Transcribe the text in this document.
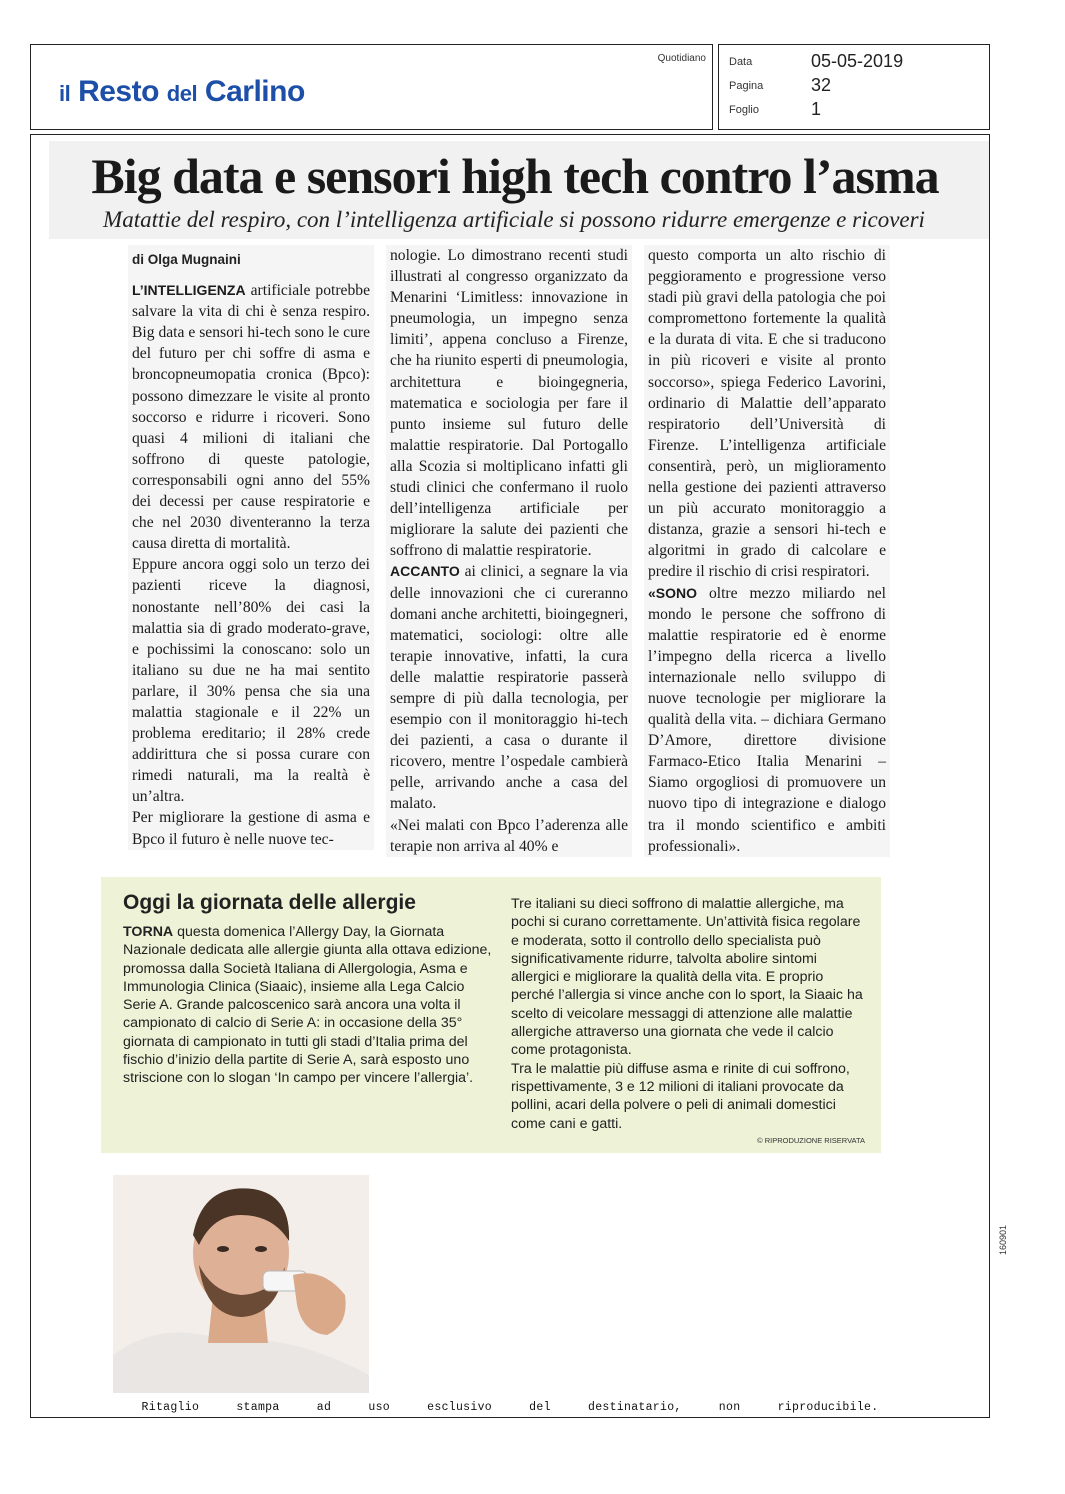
il Resto del Carlino
Quotidiano Data	05-05-2019
Pagina	32
Foglio	1
Big data e sensori high tech contro l’asma
Matattie del respiro, con l’intelligenza artificiale si possono ridurre emergenze e ricoveri
di Olga Mugnaini

L’INTELLIGENZA artificiale potrebbe salvare la vita di chi è senza respiro. Big data e sensori hi-tech sono le cure del futuro per chi soffre di asma e broncopneumopatia cronica (Bpco): possono dimezzare le visite al pronto soccorso e ridurre i ricoveri. Sono quasi 4 milioni di italiani che soffrono di queste patologie, corresponsabili ogni anno del 55% dei decessi per cause respiratorie e che nel 2030 diventeranno la terza causa diretta di mortalità.

Eppure ancora oggi solo un terzo dei pazienti riceve la diagnosi, nonostante nell’80% dei casi la malattia sia di grado moderato-grave, e pochissimi la conoscano: solo un italiano su due ne ha mai sentito parlare, il 30% pensa che sia una malattia stagionale e il 22% un problema ereditario; il 28% crede addirittura che si possa curare con rimedi naturali, ma la realtà è un’altra.

Per migliorare la gestione di asma e Bpco il futuro è nelle nuove tec-

nologie. Lo dimostrano recenti studi illustrati al congresso organizzato da Menarini ‘Limitless: innovazione in pneumologia, un impegno senza limiti’, appena concluso a Firenze, che ha riunito esperti di pneumologia, architettura e bioingegneria, matematica e sociologia per fare il punto insieme sul futuro delle malattie respiratorie. Dal Portogallo alla Scozia si moltiplicano infatti gli studi clinici che confermano il ruolo dell’intelligenza artificiale per migliorare la salute dei pazienti che soffrono di malattie respiratorie.

ACCANTO ai clinici, a segnare la via delle innovazioni che ci cureranno domani anche architetti, bioingegneri, matematici, sociologi: oltre alle terapie innovative, infatti, la cura delle malattie respiratorie passerà sempre di più dalla tecnologia, per esempio con il monitoraggio hi-tech dei pazienti, a casa o durante il ricovero, mentre l’ospedale cambierà pelle, arrivando anche a casa del malato.

«Nei malati con Bpco l’aderenza alle terapie non arriva al 40% e

questo comporta un alto rischio di peggioramento e progressione verso stadi più gravi della patologia che poi compromettono fortemente la qualità e la durata di vita. E che si traducono in più ricoveri e visite al pronto soccorso», spiega Federico Lavorini, ordinario di Malattie dell’apparato respiratorio dell’Università di Firenze. L’intelligenza artificiale consentirà, però, un miglioramento nella gestione dei pazienti attraverso un più accurato monitoraggio a distanza, grazie a sensori hi-tech e algoritmi in grado di calcolare e predire il rischio di crisi respiratori.

«SONO oltre mezzo miliardo nel mondo le persone che soffrono di malattie respiratorie ed è enorme l’impegno della ricerca a livello internazionale nello sviluppo di nuove tecnologie per migliorare la qualità della vita. – dichiara Germano D’Amore, direttore divisione Farmaco-Etico Italia Menarini – Siamo orgogliosi di promuovere un nuovo tipo di integrazione e dialogo tra il mondo scientifico e ambiti professionali».

Oggi la giornata delle allergie
TORNA questa domenica l’Allergy Day, la Giornata Nazionale dedicata alle allergie giunta alla ottava edizione, promossa dalla Società Italiana di Allergologia, Asma e Immunologia Clinica (Siaaic), insieme alla Lega Calcio Serie A. Grande palcoscenico sarà ancora una volta il campionato di calcio di Serie A: in occasione della 35° giornata di campionato in tutti gli stadi d’Italia prima del fischio d’inizio della partite di Serie A, sarà esposto uno striscione con lo slogan ‘In campo per vincere l’allergia’.

Tre italiani su dieci soffrono di malattie allergiche, ma pochi si curano correttamente. Un’attività fisica regolare e moderata, sotto il controllo dello specialista può significativamente ridurre, talvolta abolire sintomi allergici e migliorare la qualità della vita. E proprio perché l’allergia si vince anche con lo sport, la Siaaic ha scelto di veicolare messaggi di attenzione alle malattie allergiche attraverso una giornata che vede il calcio come protagonista.

Tra le malattie più diffuse asma e rinite di cui soffrono, rispettivamente, 3 e 12 milioni di italiani provocate da pollini, acari della polvere o peli di animali domestici come cani e gatti.

© RIPRODUZIONE RISERVATA
Ritaglio stampa ad uso esclusivo del destinatario, non riproducibile.
160901
